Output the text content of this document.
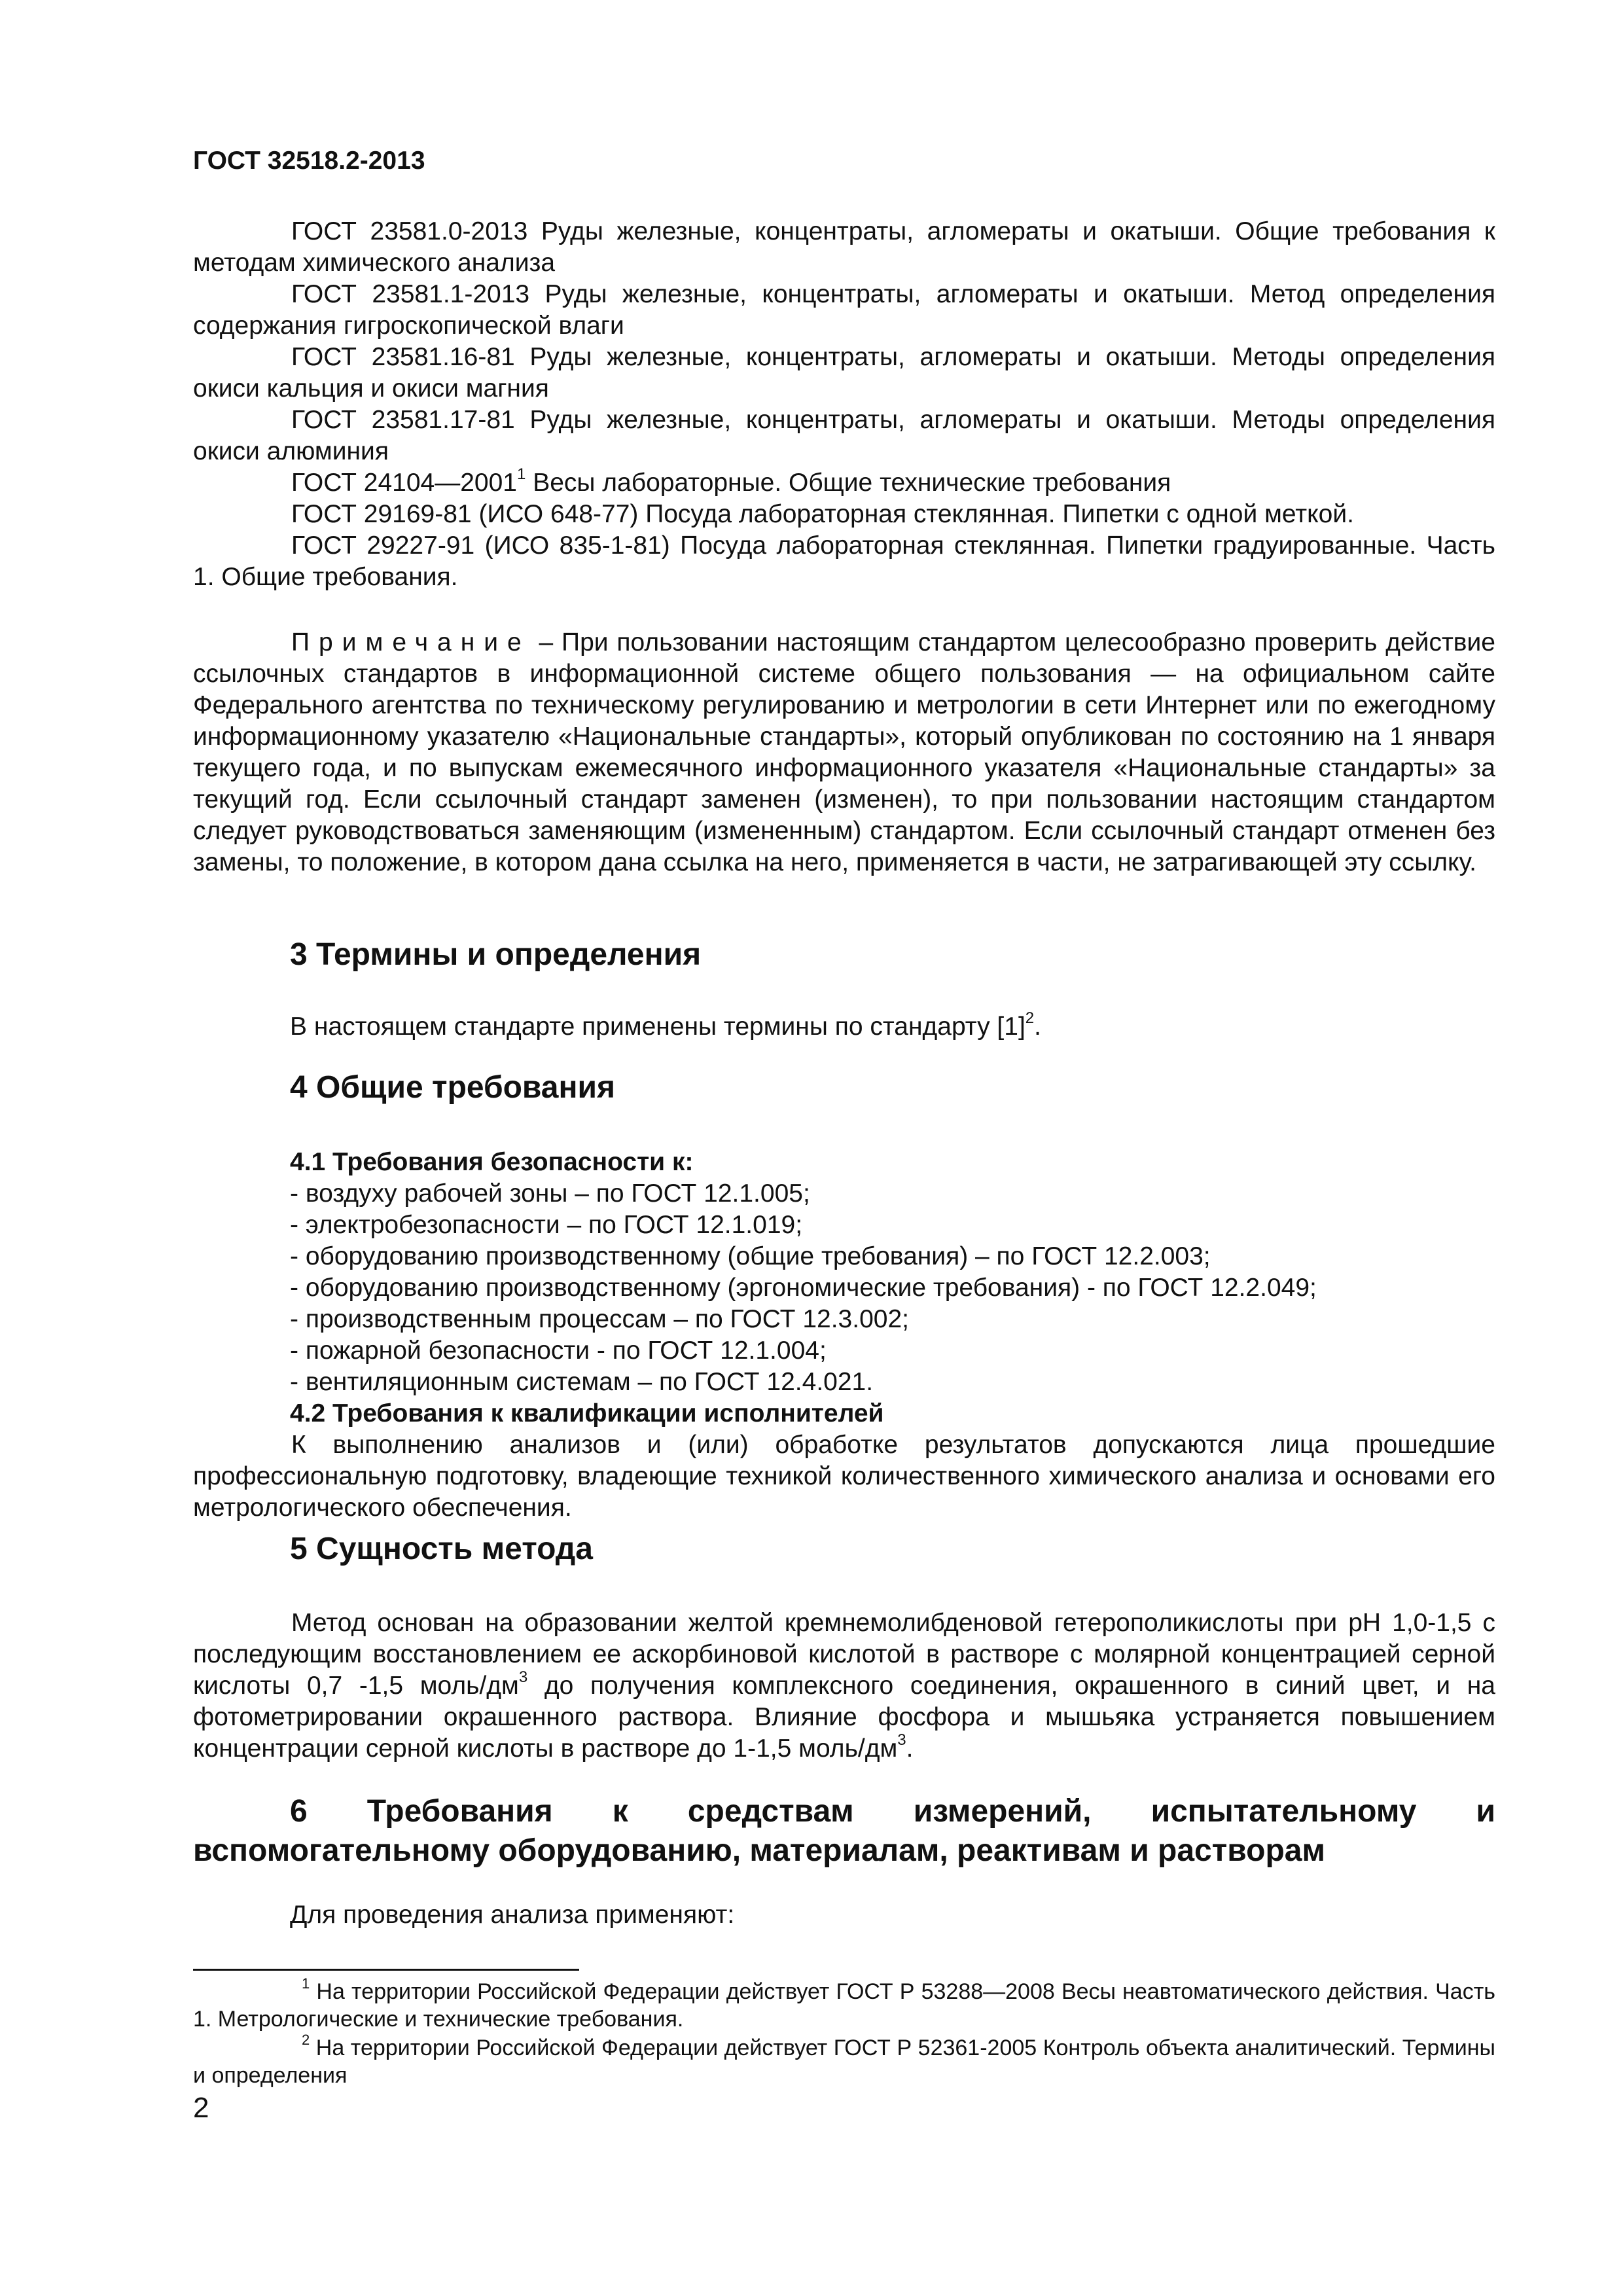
ГОСТ 32518.2-2013
ГОСТ 23581.0-2013 Руды железные, концентраты, агломераты и окатыши. Общие требования к методам химического анализа
ГОСТ 23581.1-2013 Руды железные, концентраты, агломераты и окатыши. Метод определения содержания гигроскопической влаги
ГОСТ 23581.16-81 Руды железные, концентраты, агломераты и окатыши. Методы определения окиси кальция и окиси магния
ГОСТ 23581.17-81 Руды железные, концентраты, агломераты и окатыши. Методы определения окиси алюминия
ГОСТ 24104—2001$^1$ Весы лабораторные. Общие технические требования
ГОСТ 29169-81 (ИСО 648-77) Посуда лабораторная стеклянная. Пипетки с одной меткой.
ГОСТ 29227-91 (ИСО 835-1-81) Посуда лабораторная стеклянная. Пипетки градуированные. Часть 1. Общие требования.
Примечание – При пользовании настоящим стандартом целесообразно проверить действие ссылочных стандартов в информационной системе общего пользования — на официальном сайте Федерального агентства по техническому регулированию и метрологии в сети Интернет или по ежегодному информационному указателю «Национальные стандарты», который опубликован по состоянию на 1 января текущего года, и по выпускам ежемесячного информационного указателя «Национальные стандарты» за текущий год. Если ссылочный стандарт заменен (изменен), то при пользовании настоящим стандартом следует руководствоваться заменяющим (измененным) стандартом. Если ссылочный стандарт отменен без замены, то положение, в котором дана ссылка на него, применяется в части, не затрагивающей эту ссылку.
3 Термины и определения
В настоящем стандарте применены термины по стандарту $[1]^2$.
4 Общие требования
4.1 Требования безопасности к:
- воздуху рабочей зоны – по ГОСТ 12.1.005;
- электробезопасности – по ГОСТ 12.1.019;
- оборудованию производственному (общие требования) – по ГОСТ 12.2.003;
- оборудованию производственному (эргономические требования) - по ГОСТ 12.2.049;
- производственным процессам – по ГОСТ 12.3.002;
- пожарной безопасности - по ГОСТ 12.1.004;
- вентиляционным системам – по ГОСТ 12.4.021.
4.2 Требования к квалификации исполнителей
К выполнению анализов и (или) обработке результатов допускаются лица прошедшие профессиональную подготовку, владеющие техникой количественного химического анализа и основами его метрологического обеспечения.
5 Сущность метода
Метод основан на образовании желтой кремнемолибденовой гетерополикислоты при pH 1,0-1,5 с последующим восстановлением ее аскорбиновой кислотой в растворе с молярной концентрацией серной кислоты 0,7 -1,5 моль/$дм^3$ до получения комплексного соединения, окрашенного в синий цвет, и на фотометрировании окрашенного раствора. Влияние фосфора и мышьяка устраняется повышением концентрации серной кислоты в растворе до 1-1,5 моль/$дм^3$.
6 Требования к средствам измерений, испытательному и
вспомогательному оборудованию, материалам, реактивам и растворам
Для проведения анализа применяют:
$^1$ На территории Российской Федерации действует ГОСТ Р 53288—2008 Весы неавтоматического действия. Часть 1. Метрологические и технические требования.
$^2$ На территории Российской Федерации действует ГОСТ Р 52361-2005 Контроль объекта аналитический. Термины и определения
2
